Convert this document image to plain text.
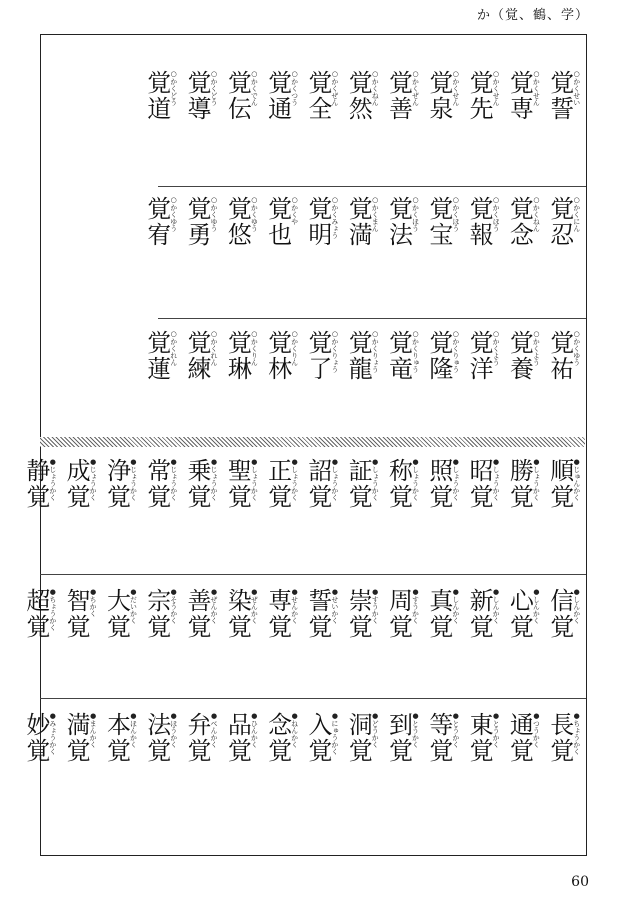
か（覚、鶴、学）
覚誓 ○かくせい
覚専 ○かくせん
覚先 ○かくせん
覚泉 ○かくせん
覚善 ○かくぜん
覚然 ○かくねん
覚全 ○かくぜん
覚通 ○かくつう
覚伝 ○かくでん
覚導 ○かくどう
覚道 ○かくどう
覚忍 ○かくにん
覚念 ○かくねん
覚報 ○かくほう
覚宝 ○かくほう
覚法 ○かくほう
覚満 ○かくまん
覚明 ○かくみょう
覚也 ○かくや
覚悠 ○かくゆう
覚勇 ○かくゆう
覚宥 ○かくゆう
覚祐 ○かくゆう
覚養 ○かくよう
覚洋 ○かくよう
覚隆 ○かくりゅう
覚竜 ○かくりゅう
覚龍 ○かくりょう
覚了 ○かくりょう
覚林 ○かくりん
覚琳 ○かくりん
覚練 ○かくれん
覚蓮 ○かくれん
順覚 ●じゅんかく
勝覚 ●しょうかく
昭覚 ●しょうかく
照覚 ●しょうかく
称覚 ●しょうかく
証覚 ●しょうかく
詔覚 ●しょうかく
正覚 ●しょうかく
聖覚 ●しょうかく
乗覚 ●じょうかく
常覚 ●じょうかく
浄覚 ●じょうかく
成覚 ●じょうかく
静覚 ●じょうかく
信覚 ●しんかく
心覚 ●しんかく
新覚 ●しんかく
真覚 ●しんかく
周覚 ●すうかく
崇覚 ●すうかく
誓覚 ●せいかく
専覚 ●せんかく
染覚 ●ぜんかく
善覚 ●ぜんかく
宗覚 ●そうかく
大覚 ●だいかく
智覚 ●ちかく
超覚 ●ちょうかく
長覚 ●ちょうかく
通覚 ●つうかく
東覚 ●とうかく
等覚 ●とうかく
到覚 ●とうかく
洞覚 ●どうかく
入覚 ●にゅうかく
念覚 ●ねんかく
品覚 ●ひんかく
弁覚 ●べんかく
法覚 ●ほうかく
本覚 ●ほんかく
満覚 ●まんかく
妙覚 ●みょうかく
60
